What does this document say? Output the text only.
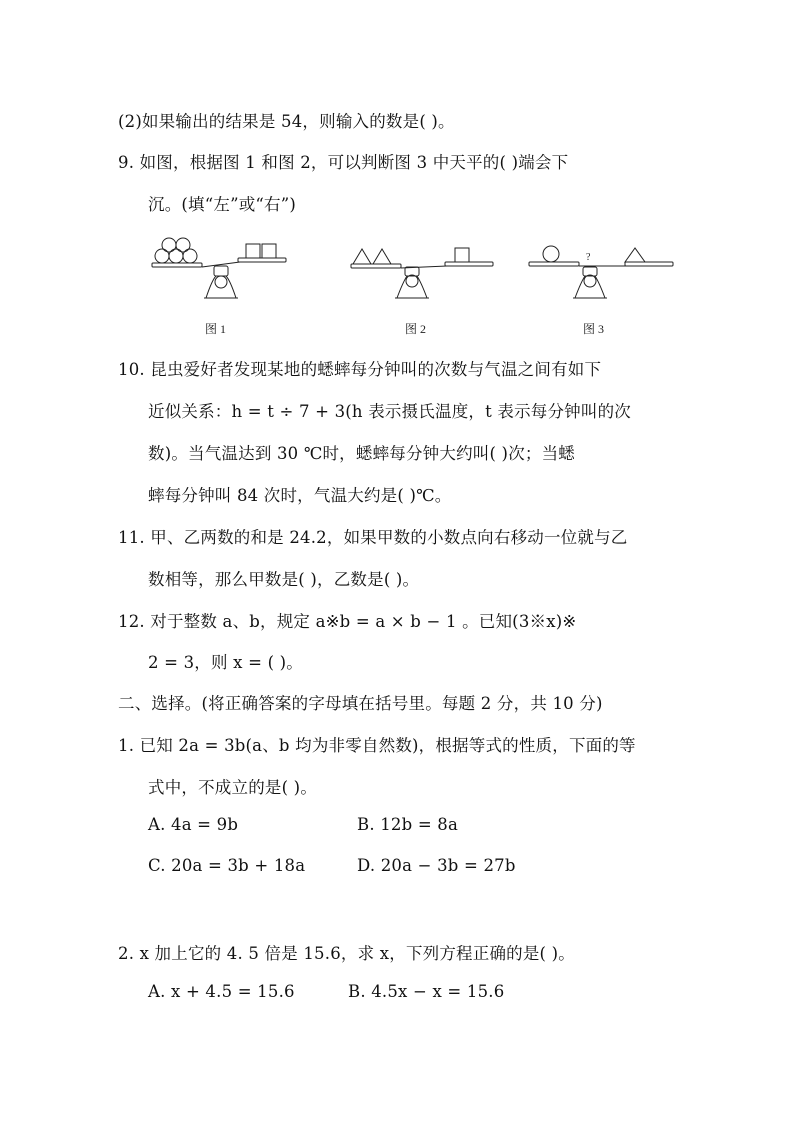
(2)如果输出的结果是 54，则输入的数是( )。
9. 如图，根据图 1 和图 2，可以判断图 3 中天平的( )端会下
沉。(填“左”或“右”)
图 1	图 2
?
图 3
10. 昆虫爱好者发现某地的蟋蟀每分钟叫的次数与气温之间有如下
近似关系：h = t ÷ 7 + 3(h 表示摄氏温度，t 表示每分钟叫的次
数)。当气温达到 30 ℃时，蟋蟀每分钟大约叫( )次；当蟋
蟀每分钟叫 84 次时，气温大约是( )℃。
11. 甲、乙两数的和是 24.2，如果甲数的小数点向右移动一位就与乙
数相等，那么甲数是( )，乙数是( )。
12. 对于整数 a、b，规定 a※b = a × b − 1 。已知(3※x)※
2 = 3，则 x = ( )。
二、选择。(将正确答案的字母填在括号里。每题 2 分，共 10 分)
1. 已知 2a = 3b(a、b 均为非零自然数)，根据等式的性质，下面的等
式中，不成立的是( )。
A. 4a = 9b	B. 12b = 8a
C. 20a = 3b + 18a	D. 20a − 3b = 27b
2. x 加上它的 4. 5 倍是 15.6，求 x，下列方程正确的是( )。
A. x + 4.5 = 15.6	B. 4.5x − x = 15.6
